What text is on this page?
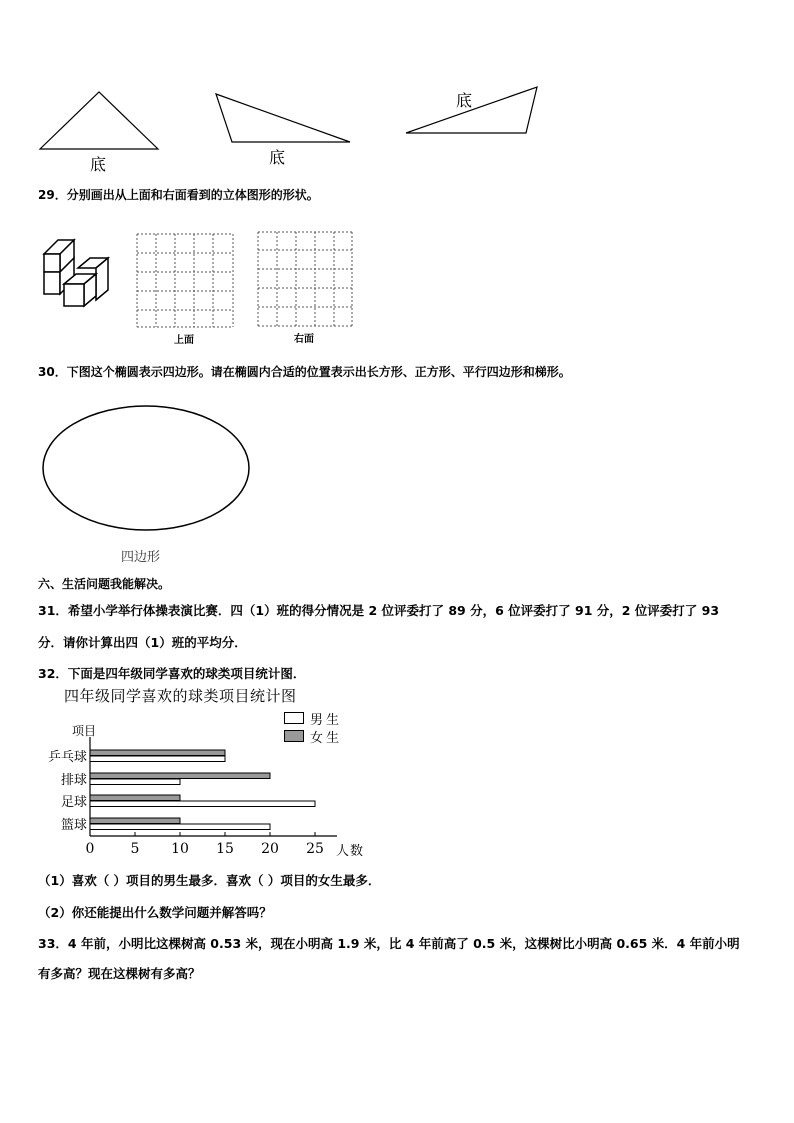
底	底
底
29．分别画出从上面和右面看到的立体图形的形状。
上面	右面
30．下图这个椭圆表示四边形。请在椭圆内合适的位置表示出长方形、正方形、平行四边形和梯形。
四边形
六、生活问题我能解决。
31．希望小学举行体操表演比赛．四（1）班的得分情况是 2 位评委打了 89 分，6 位评委打了 91 分，2 位评委打了 93
分．请你计算出四（1）班的平均分．
32．下面是四年级同学喜欢的球类项目统计图．
四年级同学喜欢的球类项目统计图
项目
人数
男生
女生
0	5 10 15 20 25
乒乓球
排球
足球
篮球
（1）喜欢（ ）项目的男生最多．喜欢（ ）项目的女生最多．
（2）你还能提出什么数学问题并解答吗？
33．4 年前，小明比这棵树高 0.53 米，现在小明高 1.9 米，比 4 年前高了 0.5 米，这棵树比小明高 0.65 米．4 年前小明
有多高？现在这棵树有多高？
